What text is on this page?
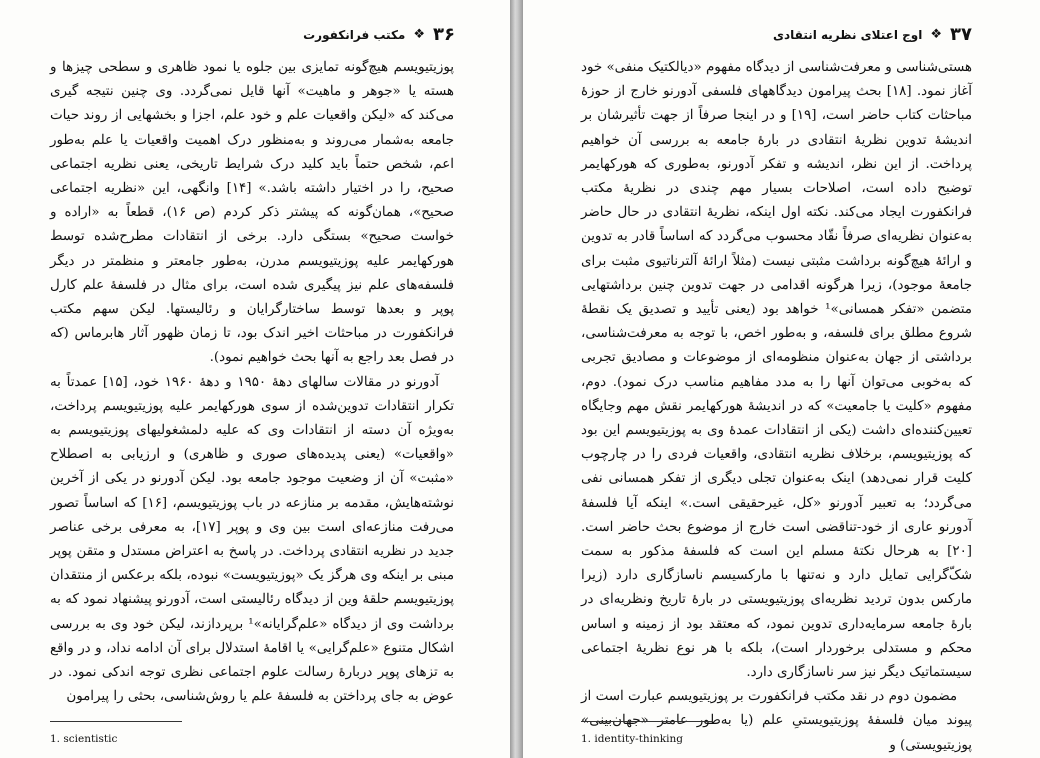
۳۶
❖
مکتب فرانکفورت

پوزیتیویسم هیچ‌گونه تمایزی بین جلوه یا نمود ظاهری و سطحی چیزها و هسته یا «جوهر و ماهیت» آنها قایل نمی‌گردد. وی چنین نتیجه گیری می‌کند که «لیکن واقعیات علم و خود علم، اجزا و بخشهایی از روند حیات جامعه به‌شمار می‌روند و به‌منظور درک اهمیت واقعیات یا علم به‌طور اعم، شخص حتماً باید کلید درک شرایط تاریخی، یعنی نظریه اجتماعی صحیح، را در اختیار داشته باشد.» [۱۴] وانگهی، این «نظریه اجتماعی صحیح»، همان‌گونه که پیشتر ذکر کردم (ص ۱۶)، قطعاً به «اراده و خواست صحیح» بستگی دارد. برخی از انتقادات مطرح‌شده توسط هورکهایمر علیه پوزیتیویسم مدرن، به‌طور جامعتر و منظمتر در دیگر فلسفه‌های علم نیز پیگیری شده است، برای مثال در فلسفهٔ علم کارل پوپر و بعدها توسط ساختارگرایان و رئالیستها. لیکن سهم مکتب فرانکفورت در مباحثات اخیر اندک بود، تا زمان ظهور آثار هابرماس (که در فصل بعد راجع به آنها بحث خواهیم نمود).

آدورنو در مقالات سالهای دههٔ ۱۹۵۰ و دههٔ ۱۹۶۰ خود، [۱۵] عمدتاً به تکرار انتقادات تدوین‌شده از سوی هورکهایمر علیه پوزیتیویسم پرداخت، به‌ویژه آن دسته از انتقادات وی که علیه دلمشغولیهای پوزیتیویسم به «واقعیات» (یعنی پدیده‌های صوری و ظاهری) و ارزیابی به اصطلاح «مثبت» آن از وضعیت موجود جامعه بود. لیکن آدورنو در یکی از آخرین نوشته‌هایش، مقدمه بر منازعه در باب پوزیتیویسم، [۱۶] که اساساً تصور می‌رفت منازعه‌ای است بین وی و پوپر [۱۷]، به معرفی برخی عناصر جدید در نظریه انتقادی پرداخت. در پاسخ به اعتراض مستدل و متقن پوپر مبنی بر اینکه وی هرگز یک «پوزیتیویست» نبوده، بلکه برعکس از منتقدان پوزیتیویسم حلقهٔ وین از دیدگاه رئالیستی است، آدورنو پیشنهاد نمود که به برداشت وی از دیدگاه «علم‌گرایانه»¹ برپردازند، لیکن خود وی به بررسی اشکال متنوع «علم‌گرایی» یا اقامهٔ استدلال برای آن ادامه نداد، و در واقع به تزهای پوپر دربارهٔ رسالت علوم اجتماعی نظری توجه اندکی نمود. در عوض به جای پرداختن به فلسفهٔ علم یا روش‌شناسی، بحثی را پیرامون

1. scientistic
۳۷
❖
اوج اعتلای نظریه انتقادی

هستی‌شناسی و معرفت‌شناسی از دیدگاه مفهوم «دیالکتیک منفی» خود آغاز نمود. [۱۸] بحث پیرامون دیدگاههای فلسفی آدورنو خارج از حوزهٔ مباحثات کتاب حاضر است، [۱۹] و در اینجا صرفاً از جهت تأثیرشان بر اندیشهٔ تدوین نظریهٔ انتقادی در بارهٔ جامعه به بررسی آن خواهیم پرداخت. از این نظر، اندیشه و تفکر آدورنو، به‌طوری که هورکهایمر توضیح داده است، اصلاحات بسیار مهم چندی در نظریهٔ مکتب فرانکفورت ایجاد می‌کند. نکته اول اینکه، نظریهٔ انتقادی در حال حاضر به‌عنوان نظریه‌ای صرفاً نقّاد محسوب می‌گردد که اساساً قادر به تدوین و ارائهٔ هیچ‌گونه برداشت مثبتی نیست (مثلاً ارائهٔ آلترناتیوی مثبت برای جامعهٔ موجود)، زیرا هرگونه اقدامی در جهت تدوین چنین برداشتهایی متضمن «تفکر همسانی»¹ خواهد بود (یعنی تأیید و تصدیق یک نقطهٔ شروع مطلق برای فلسفه، و به‌طور اخص، با توجه به معرفت‌شناسی، برداشتی از جهان به‌عنوان منظومه‌ای از موضوعات و مصادیق تجربی که به‌خوبی می‌توان آنها را به مدد مفاهیم مناسب درک نمود). دوم، مفهوم «کلیت یا جامعیت» که در اندیشهٔ هورکهایمر نقش مهم وجایگاه تعیین‌کننده‌ای داشت (یکی از انتقادات عمدهٔ وی به پوزیتیویسم این بود که پوزیتیویسم، برخلاف نظریه انتقادی، واقعیات فردی را در چارچوب کلیت قرار نمی‌دهد) اینک به‌عنوان تجلی دیگری از تفکر همسانی نفی می‌گردد؛ به تعبیر آدورنو «کل، غیرحقیقی است.» اینکه آیا فلسفهٔ آدورنو عاری از خود-تناقضی است خارج از موضوع بحث حاضر است. [۲۰] به هرحال نکتهٔ مسلم این است که فلسفهٔ مذکور به سمت شکّ‌گرایی تمایل دارد و نه‌تنها با مارکسیسم ناسازگاری دارد (زیرا مارکس بدون تردید نظریه‌ای پوزیتیویستی در بارهٔ تاریخ ونظریه‌ای در بارهٔ جامعه سرمایه‌داری تدوین نمود، که معتقد بود از زمینه و اساس محکم و مستدلی برخوردار است)، بلکه با هر نوع نظریهٔ اجتماعی سیستماتیک دیگر نیز سر ناسازگاری دارد.

مضمون دوم در نقد مکتب فرانکفورت بر پوزیتیویسم عبارت است از پیوند میان فلسفهٔ پوزیتیویستیِ علم (یا به‌طور عامتر «جهان‌بینی» پوزیتیویستی) و

1. identity-thinking
